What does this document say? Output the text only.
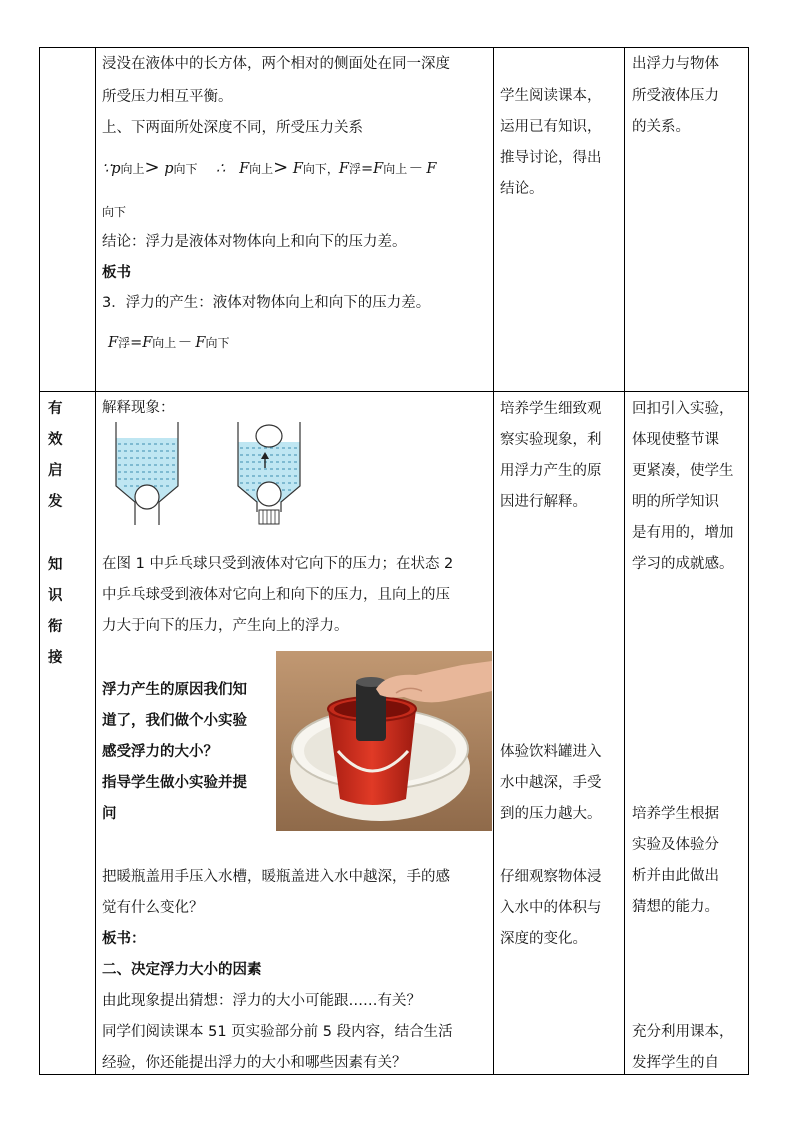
浸没在液体中的长方体，两个相对的侧面处在同一深度
所受压力相互平衡。
上、下两面所处深度不同，所受压力关系
∵p向上> p向下 ∴ F向上> F向下，F浮=F向上－ F
向下
结论：浮力是液体对物体向上和向下的压力差。
板书
3．浮力的产生：液体对物体向上和向下的压力差。
F浮=F向上－ F向下
学生阅读课本，
运用已有知识，
推导讨论，得出
结论。
出浮力与物体
所受液体压力
的关系。
有
效
启
发
知
识
衔
接
解释现象：
在图 1 中乒乓球只受到液体对它向下的压力；在状态 2
中乒乓球受到液体对它向上和向下的压力，且向上的压
力大于向下的压力，产生向上的浮力。
浮力产生的原因我们知
道了，我们做个小实验
感受浮力的大小？
指导学生做小实验并提
问
把暖瓶盖用手压入水槽，暖瓶盖进入水中越深，手的感
觉有什么变化？
板书：
二、决定浮力大小的因素
由此现象提出猜想：浮力的大小可能跟……有关？
同学们阅读课本 51 页实验部分前 5 段内容，结合生活
经验，你还能提出浮力的大小和哪些因素有关？
培养学生细致观
察实验现象，利
用浮力产生的原
因进行解释。
体验饮料罐进入
水中越深，手受
到的压力越大。
仔细观察物体浸
入水中的体积与
深度的变化。
回扣引入实验，
体现使整节课
更紧凑，使学生
明的所学知识
是有用的，增加
学习的成就感。
培养学生根据
实验及体验分
析并由此做出
猜想的能力。
充分利用课本，
发挥学生的自
